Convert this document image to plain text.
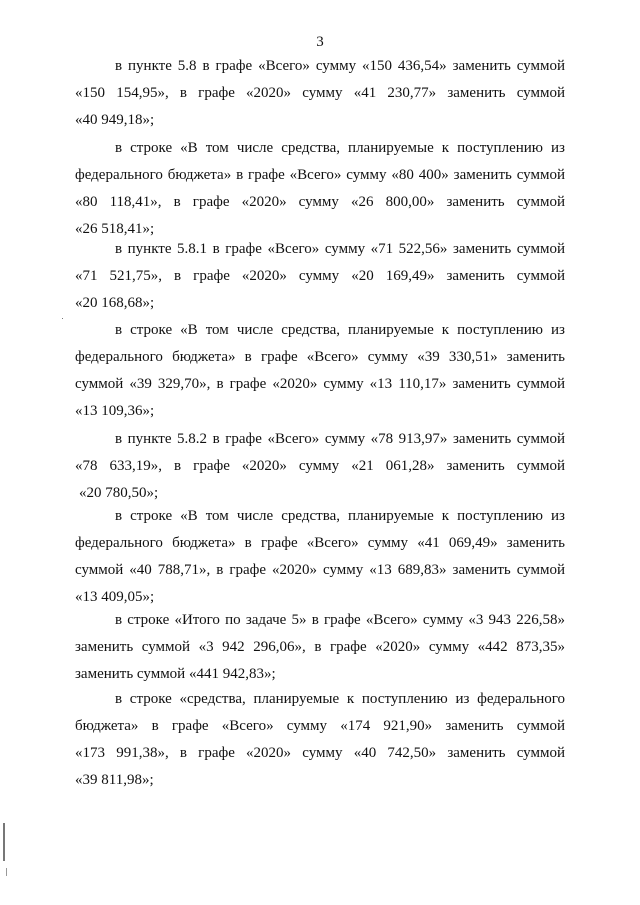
3
в пункте 5.8 в графе «Всего» сумму «150 436,54» заменить суммой
«150 154,95», в графе «2020» сумму «41 230,77» заменить суммой
«40 949,18»;
в строке «В том числе средства, планируемые к поступлению из
федерального бюджета» в графе «Всего» сумму «80 400» заменить суммой
«80 118,41», в графе «2020» сумму «26 800,00» заменить суммой
«26 518,41»;
в пункте 5.8.1 в графе «Всего» сумму «71 522,56» заменить суммой
«71 521,75», в графе «2020» сумму «20 169,49» заменить суммой
«20 168,68»;
в строке «В том числе средства, планируемые к поступлению из
федерального бюджета» в графе «Всего» сумму «39 330,51» заменить
суммой «39 329,70», в графе «2020» сумму «13 110,17» заменить суммой
«13 109,36»;
в пункте 5.8.2 в графе «Всего» сумму «78 913,97» заменить суммой
«78 633,19», в графе «2020» сумму «21 061,28» заменить суммой
«20 780,50»;
в строке «В том числе средства, планируемые к поступлению из
федерального бюджета» в графе «Всего» сумму «41 069,49» заменить
суммой «40 788,71», в графе «2020» сумму «13 689,83» заменить суммой
«13 409,05»;
в строке «Итого по задаче 5» в графе «Всего» сумму «3 943 226,58»
заменить суммой «3 942 296,06», в графе «2020» сумму «442 873,35»
заменить суммой «441 942,83»;
в строке «средства, планируемые к поступлению из федерального
бюджета» в графе «Всего» сумму «174 921,90» заменить суммой
«173 991,38», в графе «2020» сумму «40 742,50» заменить суммой
«39 811,98»;
